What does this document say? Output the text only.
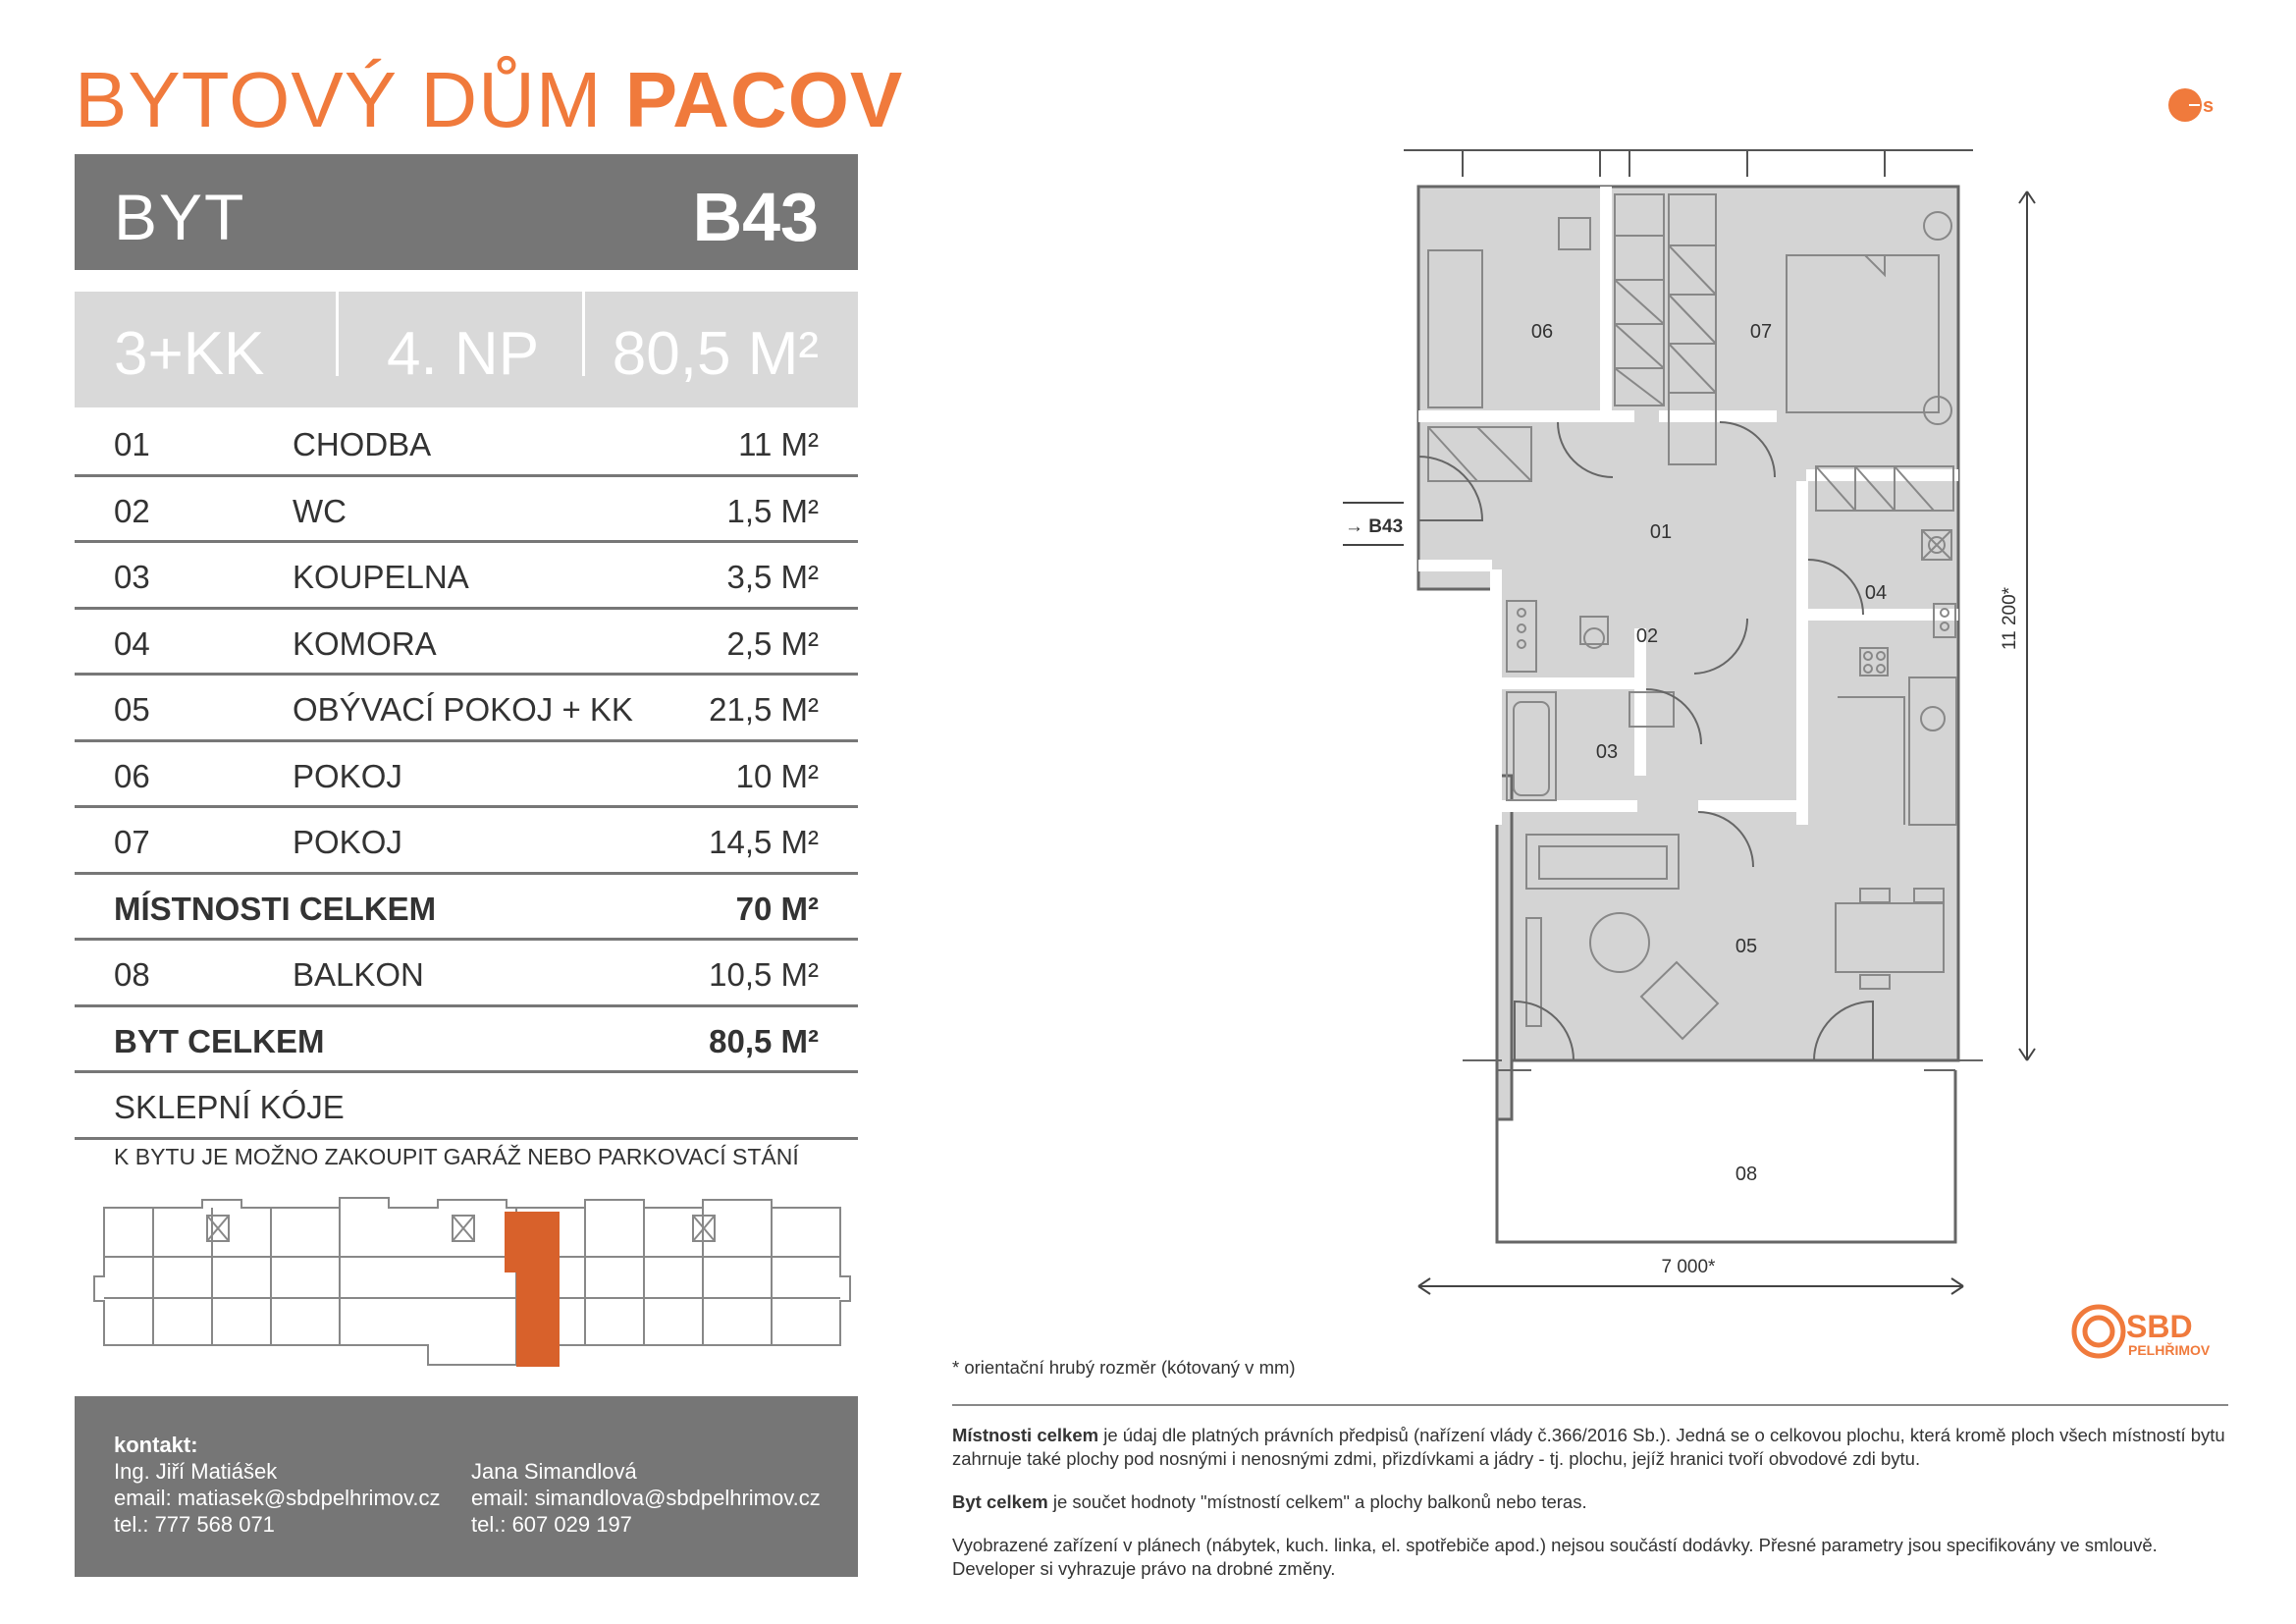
BYTOVÝ DŮM PACOV	s
BYT	B43
3+KK 4. NP 80,5 M²
01	CHODBA	11 M²
02	WC	1,5 M²
03	KOUPELNA	3,5 M²
04	KOMORA	2,5 M²
05	OBÝVACÍ POKOJ + KK 21,5 M²
06	POKOJ	10 M²
07	POKOJ	14,5 M²
MÍSTNOSTI CELKEM	70 M²
08	BALKON	10,5 M²
BYT CELKEM	80,5 M²
SKLEPNÍ KÓJE
K BYTU JE MOŽNO ZAKOUPIT GARÁŽ NEBO PARKOVACÍ STÁNÍ
kontakt:
Ing. Jiří Matiášek
email: matiasek@sbdpelhrimov.cz
tel.: 777 568 071
Jana Simandlová
email: simandlova@sbdpelhrimov.cz
tel.: 607 029 197
06	07
01
04
02
03
05
08
→ B43
7 000*
11 200*
SBD
PELHŘIMOV
* orientační hrubý rozměr (kótovaný v mm)
Místnosti celkem je údaj dle platných právních předpisů (nařízení vlády č.366/2016 Sb.). Jedná se o celkovou plochu, která kromě ploch všech místností bytu zahrnuje také plochy pod nosnými i nenosnými zdmi, přizdívkami a jádry - tj. plochu, jejíž hranici tvoří obvodové zdi bytu.
Byt celkem je součet hodnoty "místností celkem" a plochy balkonů nebo teras.
Vyobrazené zařízení v plánech (nábytek, kuch. linka, el. spotřebiče apod.) nejsou součástí dodávky. Přesné parametry jsou specifikovány ve smlouvě. Developer si vyhrazuje právo na drobné změny.
